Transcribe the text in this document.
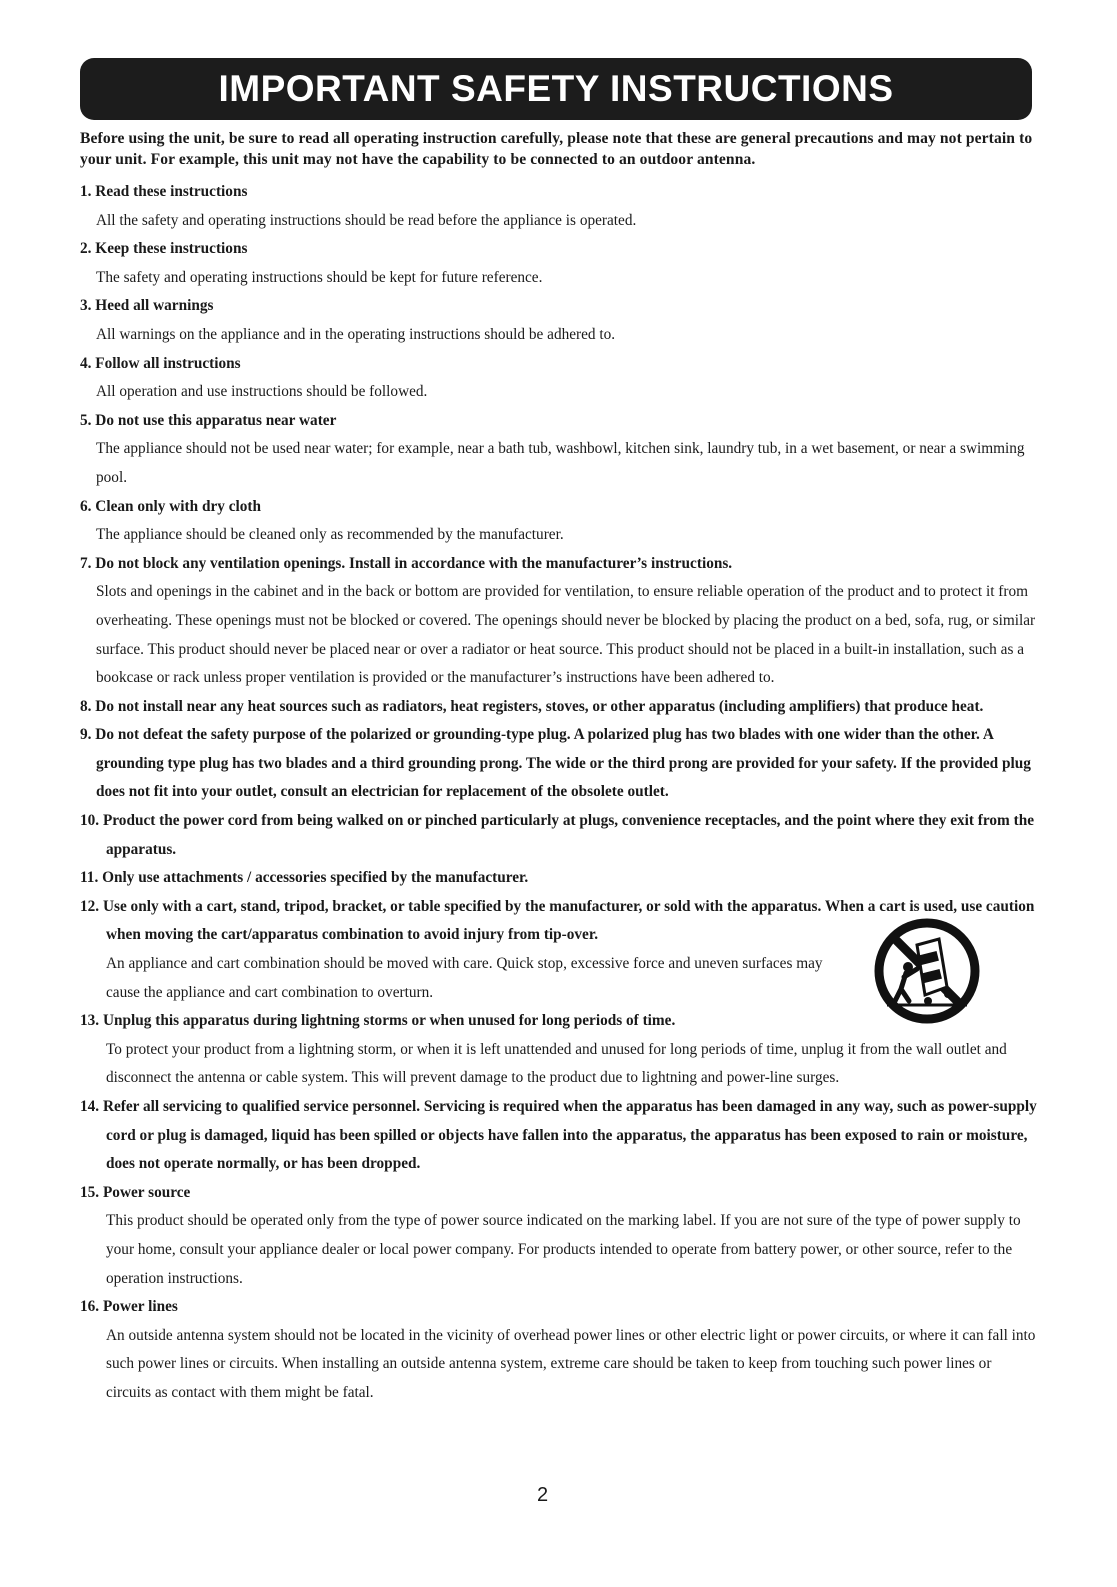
IMPORTANT SAFETY INSTRUCTIONS
Before using the unit, be sure to read all operating instruction carefully, please note that these are general precautions and may not pertain to your unit. For example, this unit may not have the capability to be connected to an outdoor antenna.
1. Read these instructions
All the safety and operating instructions should be read before the appliance is operated.
2. Keep these instructions
The safety and operating instructions should be kept for future reference.
3. Heed all warnings
All warnings on the appliance and in the operating instructions should be adhered to.
4. Follow all instructions
All operation and use instructions should be followed.
5. Do not use this apparatus near water
The appliance should not be used near water; for example, near a bath tub, washbowl, kitchen sink, laundry tub, in a wet basement, or near a swimming pool.
6. Clean only with dry cloth
The appliance should be cleaned only as recommended by the manufacturer.
7. Do not block any ventilation openings. Install in accordance with the manufacturer’s instructions.
Slots and openings in the cabinet and in the back or bottom are provided for ventilation, to ensure reliable operation of the product and to protect it from overheating. These openings must not be blocked or covered. The openings should never be blocked by placing the product on a bed, sofa, rug, or similar surface. This product should never be placed near or over a radiator or heat source. This product should not be placed in a built-in installation, such as a bookcase or rack unless proper ventilation is provided or the manufacturer’s instructions have been adhered to.
8. Do not install near any heat sources such as radiators, heat registers, stoves, or other apparatus (including amplifiers) that produce heat.
9. Do not defeat the safety purpose of the polarized or grounding-type plug. A polarized plug has two blades with one wider than the other. A grounding type plug has two blades and a third grounding prong. The wide or the third prong are provided for your safety. If the provided plug does not fit into your outlet, consult an electrician for replacement of the obsolete outlet.
10. Product the power cord from being walked on or pinched particularly at plugs, convenience receptacles, and the point where they exit from the apparatus.
11. Only use attachments / accessories specified by the manufacturer.
12. Use only with a cart, stand, tripod, bracket, or table specified by the manufacturer, or sold with the apparatus. When a cart is used, use caution when moving the cart/apparatus combination to avoid injury from tip-over.
An appliance and cart combination should be moved with care. Quick stop, excessive force and uneven surfaces may cause the appliance and cart combination to overturn.
13. Unplug this apparatus during lightning storms or when unused for long periods of time.
To protect your product from a lightning storm, or when it is left unattended and unused for long periods of time, unplug it from the wall outlet and disconnect the antenna or cable system. This will prevent damage to the product due to lightning and power-line surges.
14. Refer all servicing to qualified service personnel. Servicing is required when the apparatus has been damaged in any way, such as power-supply cord or plug is damaged, liquid has been spilled or objects have fallen into the apparatus, the apparatus has been exposed to rain or moisture, does not operate normally, or has been dropped.
15. Power source
This product should be operated only from the type of power source indicated on the marking label. If you are not sure of the type of power supply to your home, consult your appliance dealer or local power company. For products intended to operate from battery power, or other source, refer to the operation instructions.
16. Power lines
An outside antenna system should not be located in the vicinity of overhead power lines or other electric light or power circuits, or where it can fall into such power lines or circuits. When installing an outside antenna system, extreme care should be taken to keep from touching such power lines or circuits as contact with them might be fatal.
2
